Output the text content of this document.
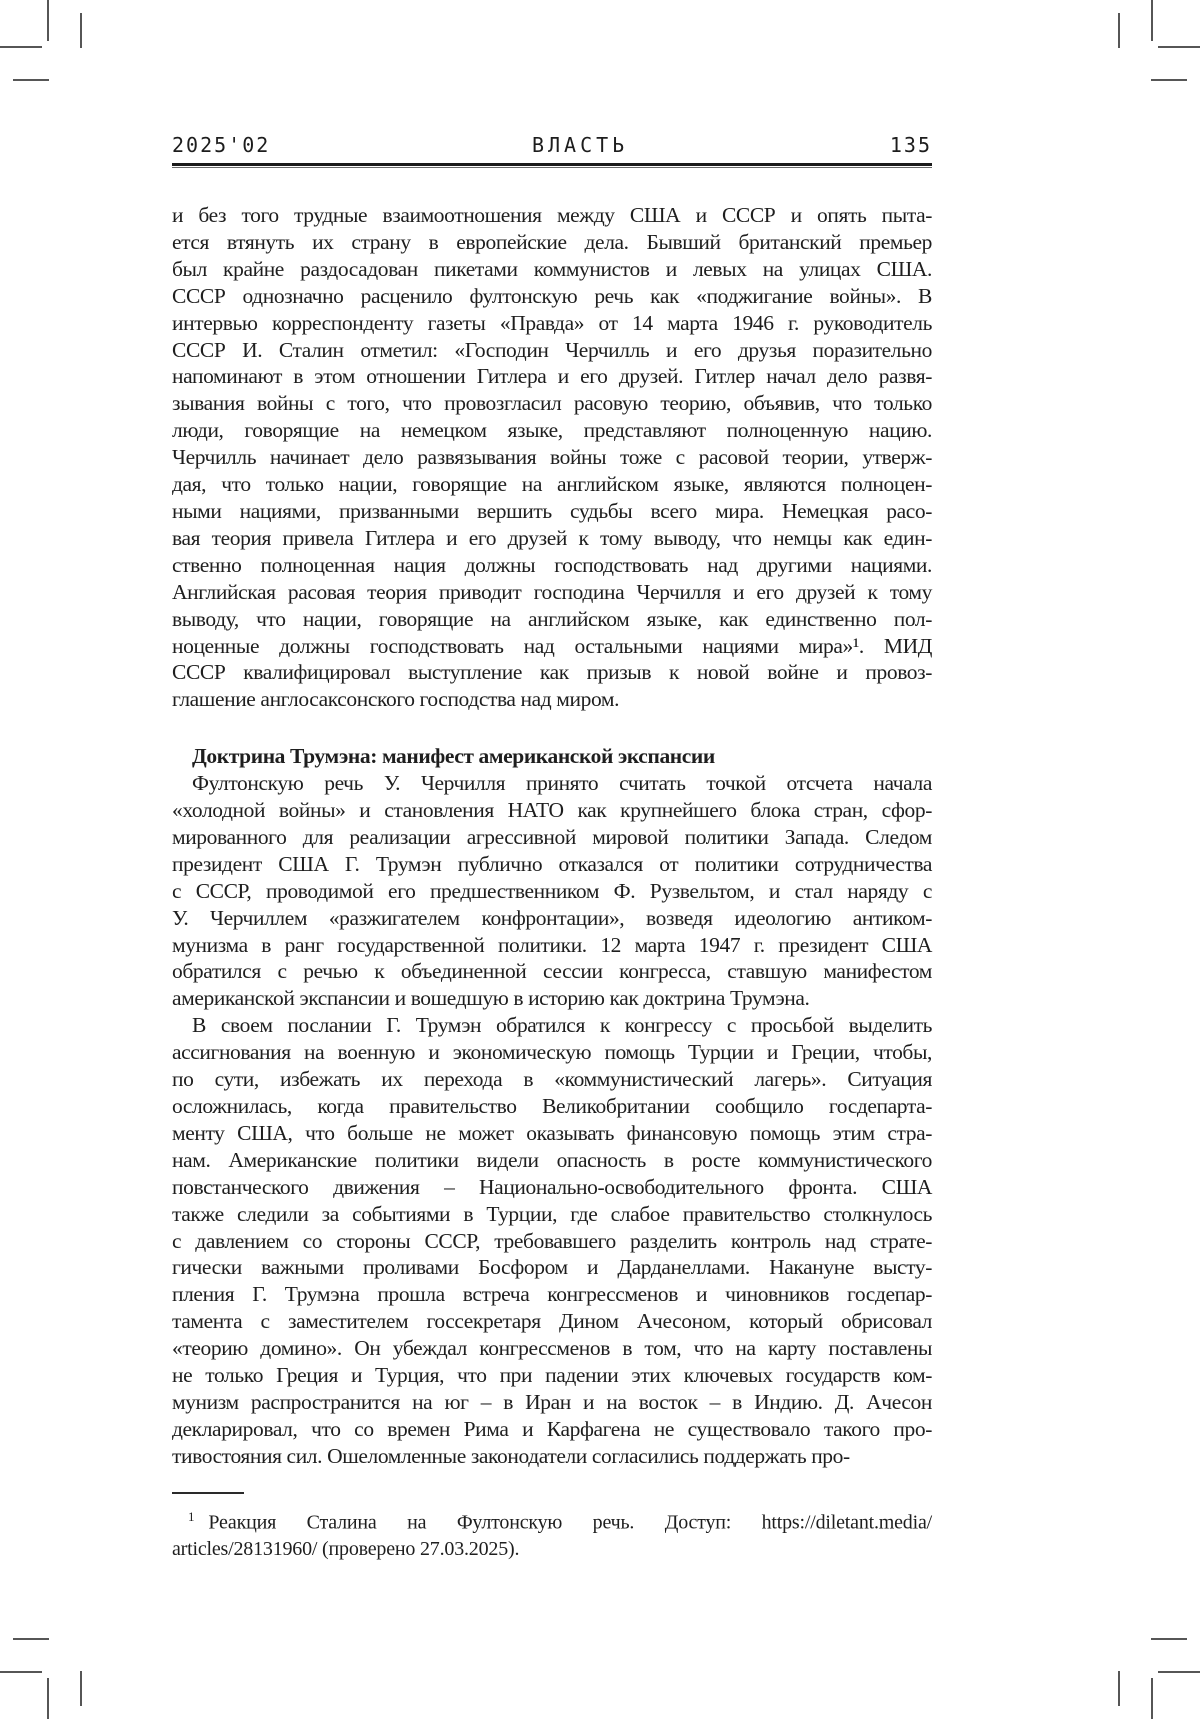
2025'02	ВЛАСТЬ	135
и без того трудные взаимоотношения между США и СССР и опять пыта-
ется втянуть их страну в европейские дела. Бывший британский премьер
был крайне раздосадован пикетами коммунистов и левых на улицах США.
СССР однозначно расценило фултонскую речь как «поджигание войны». В
интервью корреспонденту газеты «Правда» от 14 марта 1946 г. руководитель
СССР И. Сталин отметил: «Господин Черчилль и его друзья поразительно
напоминают в этом отношении Гитлера и его друзей. Гитлер начал дело развя-
зывания войны с того, что провозгласил расовую теорию, объявив, что только
люди, говорящие на немецком языке, представляют полноценную нацию.
Черчилль начинает дело развязывания войны тоже с расовой теории, утверж-
дая, что только нации, говорящие на английском языке, являются полноцен-
ными нациями, призванными вершить судьбы всего мира. Немецкая расо-
вая теория привела Гитлера и его друзей к тому выводу, что немцы как един-
ственно полноценная нация должны господствовать над другими нациями.
Английская расовая теория приводит господина Черчилля и его друзей к тому
выводу, что нации, говорящие на английском языке, как единственно пол-
ноценные должны господствовать над остальными нациями мира»¹. МИД
СССР квалифицировал выступление как призыв к новой войне и провоз-
глашение англосаксонского господства над миром.
Доктрина Трумэна: манифест американской экспансии
Фултонскую речь У. Черчилля принято считать точкой отсчета начала
«холодной войны» и становления НАТО как крупнейшего блока стран, сфор-
мированного для реализации агрессивной мировой политики Запада. Следом
президент США Г. Трумэн публично отказался от политики сотрудничества
с СССР, проводимой его предшественником Ф. Рузвельтом, и стал наряду с
У. Черчиллем «разжигателем конфронтации», возведя идеологию антиком-
мунизма в ранг государственной политики. 12 марта 1947 г. президент США
обратился с речью к объединенной сессии конгресса, ставшую манифестом
американской экспансии и вошедшую в историю как доктрина Трумэна.
В своем послании Г. Трумэн обратился к конгрессу с просьбой выделить
ассигнования на военную и экономическую помощь Турции и Греции, чтобы,
по сути, избежать их перехода в «коммунистический лагерь». Ситуация
осложнилась, когда правительство Великобритании сообщило госдепарта-
менту США, что больше не может оказывать финансовую помощь этим стра-
нам. Американские политики видели опасность в росте коммунистического
повстанческого движения – Национально-освободительного фронта. США
также следили за событиями в Турции, где слабое правительство столкнулось
с давлением со стороны СССР, требовавшего разделить контроль над страте-
гически важными проливами Босфором и Дарданеллами. Накануне высту-
пления Г. Трумэна прошла встреча конгрессменов и чиновников госдепар-
тамента с заместителем госсекретаря Дином Ачесоном, который обрисовал
«теорию домино». Он убеждал конгрессменов в том, что на карту поставлены
не только Греция и Турция, что при падении этих ключевых государств ком-
мунизм распространится на юг – в Иран и на восток – в Индию. Д. Ачесон
декларировал, что со времен Рима и Карфагена не существовало такого про-
тивостояния сил. Ошеломленные законодатели согласились поддержать про-
$^1$ Реакция Сталина на Фултонскую речь. Доступ: https://diletant.media/
articles/28131960/ (проверено 27.03.2025).
